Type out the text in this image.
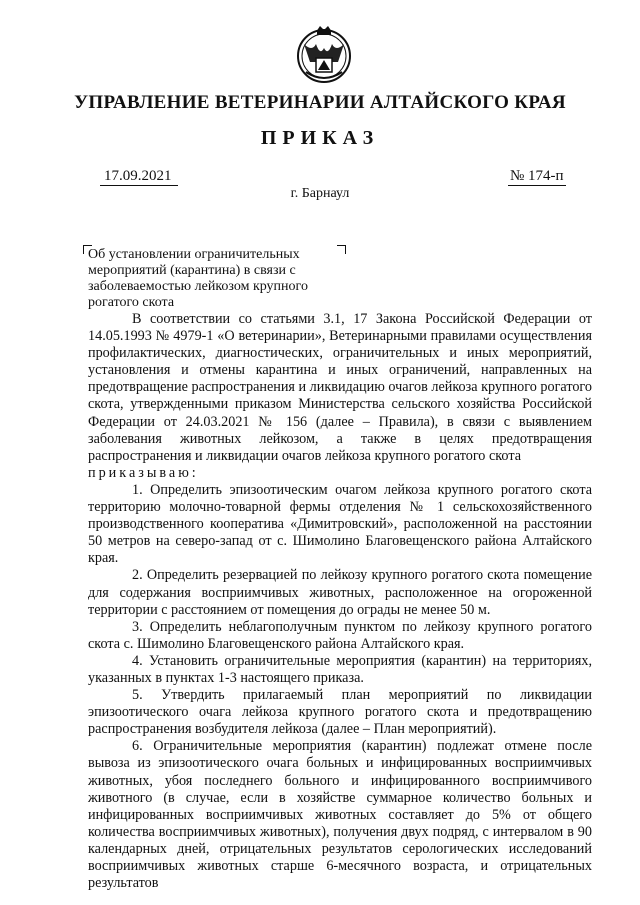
УПРАВЛЕНИЕ ВЕТЕРИНАРИИ АЛТАЙСКОГО КРАЯ
ПРИКАЗ
17.09.2021	№ 174-п
г. Барнаул
Об установлении ограничительных мероприятий (карантина) в связи с заболеваемостью лейкозом крупного рогатого скота

В соответствии со статьями 3.1, 17 Закона Российской Федерации от 14.05.1993 № 4979-1 «О ветеринарии», Ветеринарными правилами осуществления профилактических, диагностических, ограничительных и иных мероприятий, установления и отмены карантина и иных ограничений, направленных на предотвращение распространения и ликвидацию очагов лейкоза крупного рогатого скота, утвержденными приказом Министерства сельского хозяйства Российской Федерации от 24.03.2021 № 156 (далее – Правила), в связи с выявлением заболевания животных лейкозом, а также в целях предотвращения распространения и ликвидации очагов лейкоза крупного рогатого скота

приказываю:

1. Определить эпизоотическим очагом лейкоза крупного рогатого скота территорию молочно-товарной фермы отделения № 1 сельскохозяйственного производственного кооператива «Димитровский», расположенной на расстоянии 50 метров на северо-запад от с. Шимолино Благовещенского района Алтайского края.

2. Определить резервацией по лейкозу крупного рогатого скота помещение для содержания восприимчивых животных, расположенное на огороженной территории с расстоянием от помещения до ограды не менее 50 м.

3. Определить неблагополучным пунктом по лейкозу крупного рогатого скота с. Шимолино Благовещенского района Алтайского края.

4. Установить ограничительные мероприятия (карантин) на территориях, указанных в пунктах 1-3 настоящего приказа.

5. Утвердить прилагаемый план мероприятий по ликвидации эпизоотического очага лейкоза крупного рогатого скота и предотвращению распространения возбудителя лейкоза (далее – План мероприятий).

6. Ограничительные мероприятия (карантин) подлежат отмене после вывоза из эпизоотического очага больных и инфицированных восприимчивых животных, убоя последнего больного и инфицированного восприимчивого животного (в случае, если в хозяйстве суммарное количество больных и инфицированных восприимчивых животных составляет до 5% от общего количества восприимчивых животных), получения двух подряд, с интервалом в 90 календарных дней, отрицательных результатов серологических исследований восприимчивых животных старше 6-месячного возраста, и отрицательных результатов
